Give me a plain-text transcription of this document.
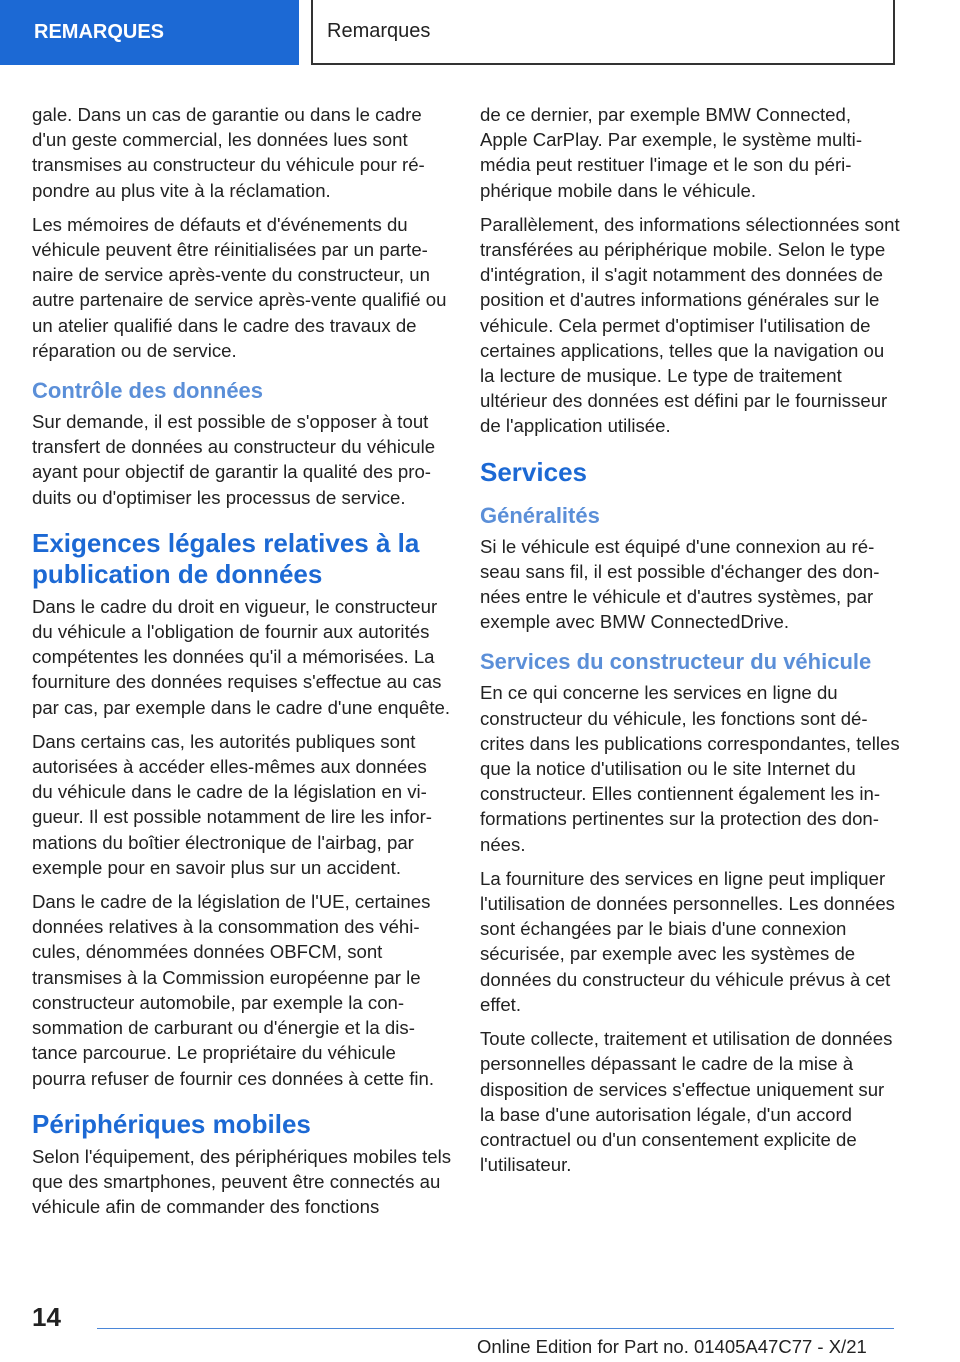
REMARQUES	Remarques

gale. Dans un cas de garantie ou dans le cadre d'un geste commercial, les données lues sont transmises au constructeur du véhicule pour répondre au plus vite à la réclamation.

Les mémoires de défauts et d'événements du véhicule peuvent être réinitialisées par un partenaire de service après-vente du constructeur, un autre partenaire de service après-vente qualifié ou un atelier qualifié dans le cadre des travaux de réparation ou de service.

Contrôle des données

Sur demande, il est possible de s'opposer à tout transfert de données au constructeur du véhicule ayant pour objectif de garantir la qualité des produits ou d'optimiser les processus de service.

Exigences légales relatives à la publication de données

Dans le cadre du droit en vigueur, le constructeur du véhicule a l'obligation de fournir aux autorités compétentes les données qu'il a mémorisées. La fourniture des données requises s'effectue au cas par cas, par exemple dans le cadre d'une enquête.

Dans certains cas, les autorités publiques sont autorisées à accéder elles-mêmes aux données du véhicule dans le cadre de la législation en vigueur. Il est possible notamment de lire les informations du boîtier électronique de l'airbag, par exemple pour en savoir plus sur un accident.

Dans le cadre de la législation de l'UE, certaines données relatives à la consommation des véhicules, dénommées données OBFCM, sont transmises à la Commission européenne par le constructeur automobile, par exemple la consommation de carburant ou d'énergie et la distance parcourue. Le propriétaire du véhicule pourra refuser de fournir ces données à cette fin.

Périphériques mobiles

Selon l'équipement, des périphériques mobiles tels que des smartphones, peuvent être connectés au véhicule afin de commander des fonctions

de ce dernier, par exemple BMW Connected, Apple CarPlay. Par exemple, le système multimédia peut restituer l'image et le son du périphérique mobile dans le véhicule.

Parallèlement, des informations sélectionnées sont transférées au périphérique mobile. Selon le type d'intégration, il s'agit notamment des données de position et d'autres informations générales sur le véhicule. Cela permet d'optimiser l'utilisation de certaines applications, telles que la navigation ou la lecture de musique. Le type de traitement ultérieur des données est défini par le fournisseur de l'application utilisée.

Services
Généralités

Si le véhicule est équipé d'une connexion au réseau sans fil, il est possible d'échanger des données entre le véhicule et d'autres systèmes, par exemple avec BMW ConnectedDrive.

Services du constructeur du véhicule

En ce qui concerne les services en ligne du constructeur du véhicule, les fonctions sont décrites dans les publications correspondantes, telles que la notice d'utilisation ou le site Internet du constructeur. Elles contiennent également les informations pertinentes sur la protection des données.

La fourniture des services en ligne peut impliquer l'utilisation de données personnelles. Les données sont échangées par le biais d'une connexion sécurisée, par exemple avec les systèmes de données du constructeur du véhicule prévus à cet effet.

Toute collecte, traitement et utilisation de données personnelles dépassant le cadre de la mise à disposition de services s'effectue uniquement sur la base d'une autorisation légale, d'un accord contractuel ou d'un consentement explicite de l'utilisateur.

14
Online Edition for Part no. 01405A47C77 - X/21
